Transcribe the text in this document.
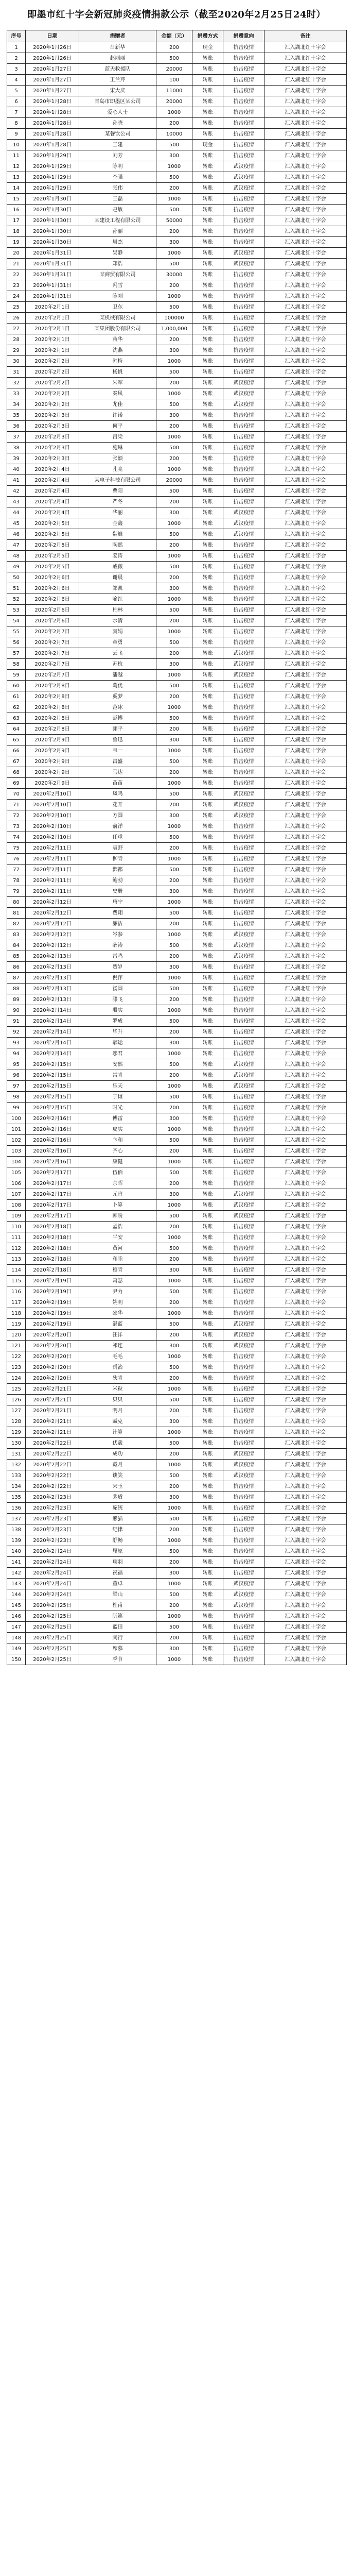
即墨市红十字会新冠肺炎疫情捐款公示（截至2020年2月25日24时）
序号	日期	捐赠者	金额（元）	捐赠方式	捐赠意向	备注
1	2020年1月26日	吕新华	200	现金	抗击疫情	汇入湖北红十字会
2	2020年1月26日	赵丽丽	500	转账	抗击疫情	汇入湖北红十字会
3	2020年1月27日	蓝天救援队	20000	转账	抗击疫情	汇入湖北红十字会
4	2020年1月27日	王兰芹	100	转账	抗击疫情	汇入湖北红十字会
5	2020年1月27日	宋大庆	11000	转账	抗击疫情	汇入湖北红十字会
6	2020年1月28日	青岛市即墨区某公司	20000	转账	抗击疫情	汇入湖北红十字会
7	2020年1月28日	爱心人士	1000	转账	抗击疫情	汇入湖北红十字会
8	2020年1月28日	孙晓	200	转账	抗击疫情	汇入湖北红十字会
9	2020年1月28日	某餐饮公司	10000	转账	抗击疫情	汇入湖北红十字会
10	2020年1月28日	王建	500	现金	抗击疫情	汇入湖北红十字会
11	2020年1月29日	刘芳	300	转账	抗击疫情	汇入湖北红十字会
12	2020年1月29日	陈明	1000	转账	武汉疫情	汇入湖北红十字会
13	2020年1月29日	李强	500	转账	武汉疫情	汇入湖北红十字会
14	2020年1月29日	张伟	200	转账	武汉疫情	汇入湖北红十字会
15	2020年1月30日	王磊	1000	转账	抗击疫情	汇入湖北红十字会
16	2020年1月30日	赵敏	500	转账	抗击疫情	汇入湖北红十字会
17	2020年1月30日	某建设工程有限公司	50000	转账	抗击疫情	汇入湖北红十字会
18	2020年1月30日	孙丽	200	转账	抗击疫情	汇入湖北红十字会
19	2020年1月30日	周杰	300	转账	抗击疫情	汇入湖北红十字会
20	2020年1月31日	吴静	1000	转账	武汉疫情	汇入湖北红十字会
21	2020年1月31日	郑浩	500	转账	武汉疫情	汇入湖北红十字会
22	2020年1月31日	某商贸有限公司	30000	转账	抗击疫情	汇入湖北红十字会
23	2020年1月31日	冯雪	200	转账	抗击疫情	汇入湖北红十字会
24	2020年1月31日	陈刚	1000	转账	抗击疫情	汇入湖北红十字会
25	2020年2月1日	卫东	500	转账	抗击疫情	汇入湖北红十字会
26	2020年2月1日	某机械有限公司	100000	转账	抗击疫情	汇入湖北红十字会
27	2020年2月1日	某集团股份有限公司	1,000,000	转账	抗击疫情	汇入湖北红十字会
28	2020年2月1日	蒋华	200	转账	抗击疫情	汇入湖北红十字会
29	2020年2月1日	沈燕	300	转账	抗击疫情	汇入湖北红十字会
30	2020年2月2日	韩梅	1000	转账	抗击疫情	汇入湖北红十字会
31	2020年2月2日	杨帆	500	转账	抗击疫情	汇入湖北红十字会
32	2020年2月2日	朱军	200	转账	武汉疫情	汇入湖北红十字会
33	2020年2月2日	秦风	1000	转账	武汉疫情	汇入湖北红十字会
34	2020年2月2日	尤佳	500	转账	武汉疫情	汇入湖北红十字会
35	2020年2月3日	许诺	300	转账	抗击疫情	汇入湖北红十字会
36	2020年2月3日	何平	200	转账	抗击疫情	汇入湖北红十字会
37	2020年2月3日	吕梁	1000	转账	抗击疫情	汇入湖北红十字会
38	2020年2月3日	施琳	500	转账	抗击疫情	汇入湖北红十字会
39	2020年2月3日	张颖	200	转账	抗击疫情	汇入湖北红十字会
40	2020年2月4日	孔亮	1000	转账	抗击疫情	汇入湖北红十字会
41	2020年2月4日	某电子科技有限公司	20000	转账	抗击疫情	汇入湖北红十字会
42	2020年2月4日	曹阳	500	转账	抗击疫情	汇入湖北红十字会
43	2020年2月4日	严冬	200	转账	抗击疫情	汇入湖北红十字会
44	2020年2月4日	华丽	300	转账	武汉疫情	汇入湖北红十字会
45	2020年2月5日	金鑫	1000	转账	武汉疫情	汇入湖北红十字会
46	2020年2月5日	魏巍	500	转账	武汉疫情	汇入湖北红十字会
47	2020年2月5日	陶然	200	转账	抗击疫情	汇入湖北红十字会
48	2020年2月5日	姜涛	1000	转账	抗击疫情	汇入湖北红十字会
49	2020年2月5日	戚薇	500	转账	抗击疫情	汇入湖北红十字会
50	2020年2月6日	谢晨	200	转账	抗击疫情	汇入湖北红十字会
51	2020年2月6日	邹凯	300	转账	抗击疫情	汇入湖北红十字会
52	2020年2月6日	喻红	1000	转账	抗击疫情	汇入湖北红十字会
53	2020年2月6日	柏林	500	转账	抗击疫情	汇入湖北红十字会
54	2020年2月6日	水清	200	转账	抗击疫情	汇入湖北红十字会
55	2020年2月7日	窦娟	1000	转账	抗击疫情	汇入湖北红十字会
56	2020年2月7日	章勇	500	转账	抗击疫情	汇入湖北红十字会
57	2020年2月7日	云飞	200	转账	武汉疫情	汇入湖北红十字会
58	2020年2月7日	苏杭	300	转账	武汉疫情	汇入湖北红十字会
59	2020年2月7日	潘越	1000	转账	武汉疫情	汇入湖北红十字会
60	2020年2月8日	葛优	500	转账	抗击疫情	汇入湖北红十字会
61	2020年2月8日	奚梦	200	转账	抗击疫情	汇入湖北红十字会
62	2020年2月8日	范冰	1000	转账	抗击疫情	汇入湖北红十字会
63	2020年2月8日	彭博	500	转账	抗击疫情	汇入湖北红十字会
64	2020年2月8日	郎平	200	转账	抗击疫情	汇入湖北红十字会
65	2020年2月9日	鲁迅	300	转账	抗击疫情	汇入湖北红十字会
66	2020年2月9日	韦一	1000	转账	抗击疫情	汇入湖北红十字会
67	2020年2月9日	昌盛	500	转账	抗击疫情	汇入湖北红十字会
68	2020年2月9日	马达	200	转账	抗击疫情	汇入湖北红十字会
69	2020年2月9日	苗苗	1000	转账	抗击疫情	汇入湖北红十字会
70	2020年2月10日	凤鸣	500	转账	武汉疫情	汇入湖北红十字会
71	2020年2月10日	花开	200	转账	武汉疫情	汇入湖北红十字会
72	2020年2月10日	方圆	300	转账	武汉疫情	汇入湖北红十字会
73	2020年2月10日	俞洋	1000	转账	抗击疫情	汇入湖北红十字会
74	2020年2月10日	任重	500	转账	抗击疫情	汇入湖北红十字会
75	2020年2月11日	袁野	200	转账	抗击疫情	汇入湖北红十字会
76	2020年2月11日	柳青	1000	转账	抗击疫情	汇入湖北红十字会
77	2020年2月11日	酆都	500	转账	抗击疫情	汇入湖北红十字会
78	2020年2月11日	鲍勃	200	转账	抗击疫情	汇入湖北红十字会
79	2020年2月11日	史册	300	转账	抗击疫情	汇入湖北红十字会
80	2020年2月12日	唐宁	1000	转账	抗击疫情	汇入湖北红十字会
81	2020年2月12日	费翔	500	转账	抗击疫情	汇入湖北红十字会
82	2020年2月12日	廉洁	200	转账	抗击疫情	汇入湖北红十字会
83	2020年2月12日	岑参	1000	转账	武汉疫情	汇入湖北红十字会
84	2020年2月12日	薛涛	500	转账	武汉疫情	汇入湖北红十字会
85	2020年2月13日	雷鸣	200	转账	武汉疫情	汇入湖北红十字会
86	2020年2月13日	贺岁	300	转账	抗击疫情	汇入湖北红十字会
87	2020年2月13日	倪萍	1000	转账	抗击疫情	汇入湖北红十字会
88	2020年2月13日	汤圆	500	转账	抗击疫情	汇入湖北红十字会
89	2020年2月13日	滕飞	200	转账	抗击疫情	汇入湖北红十字会
90	2020年2月14日	殷实	1000	转账	抗击疫情	汇入湖北红十字会
91	2020年2月14日	罗成	500	转账	抗击疫情	汇入湖北红十字会
92	2020年2月14日	毕升	200	转账	抗击疫情	汇入湖北红十字会
93	2020年2月14日	郝运	300	转账	抗击疫情	汇入湖北红十字会
94	2020年2月14日	邬君	1000	转账	抗击疫情	汇入湖北红十字会
95	2020年2月15日	安然	500	转账	武汉疫情	汇入湖北红十字会
96	2020年2月15日	常青	200	转账	武汉疫情	汇入湖北红十字会
97	2020年2月15日	乐天	1000	转账	武汉疫情	汇入湖北红十字会
98	2020年2月15日	于谦	500	转账	抗击疫情	汇入湖北红十字会
99	2020年2月15日	时光	200	转账	抗击疫情	汇入湖北红十字会
100	2020年2月16日	傅雷	300	转账	抗击疫情	汇入湖北红十字会
101	2020年2月16日	皮实	1000	转账	抗击疫情	汇入湖北红十字会
102	2020年2月16日	卞和	500	转账	抗击疫情	汇入湖北红十字会
103	2020年2月16日	齐心	200	转账	抗击疫情	汇入湖北红十字会
104	2020年2月16日	康健	1000	转账	抗击疫情	汇入湖北红十字会
105	2020年2月17日	伍佰	500	转账	抗击疫情	汇入湖北红十字会
106	2020年2月17日	余晖	200	转账	抗击疫情	汇入湖北红十字会
107	2020年2月17日	元宵	300	转账	武汉疫情	汇入湖北红十字会
108	2020年2月17日	卜算	1000	转账	武汉疫情	汇入湖北红十字会
109	2020年2月17日	顾盼	500	转账	武汉疫情	汇入湖北红十字会
110	2020年2月18日	孟浩	200	转账	抗击疫情	汇入湖北红十字会
111	2020年2月18日	平安	1000	转账	抗击疫情	汇入湖北红十字会
112	2020年2月18日	黄河	500	转账	抗击疫情	汇入湖北红十字会
113	2020年2月18日	和睦	200	转账	抗击疫情	汇入湖北红十字会
114	2020年2月18日	穆青	300	转账	抗击疫情	汇入湖北红十字会
115	2020年2月19日	萧瑟	1000	转账	抗击疫情	汇入湖北红十字会
116	2020年2月19日	尹力	500	转账	抗击疫情	汇入湖北红十字会
117	2020年2月19日	姚明	200	转账	抗击疫情	汇入湖北红十字会
118	2020年2月19日	邵华	1000	转账	抗击疫情	汇入湖北红十字会
119	2020年2月19日	湛蓝	500	转账	武汉疫情	汇入湖北红十字会
120	2020年2月20日	汪洋	200	转账	武汉疫情	汇入湖北红十字会
121	2020年2月20日	祁连	300	转账	武汉疫情	汇入湖北红十字会
122	2020年2月20日	毛毛	1000	转账	抗击疫情	汇入湖北红十字会
123	2020年2月20日	禹治	500	转账	抗击疫情	汇入湖北红十字会
124	2020年2月20日	狄青	200	转账	抗击疫情	汇入湖北红十字会
125	2020年2月21日	米粒	1000	转账	抗击疫情	汇入湖北红十字会
126	2020年2月21日	贝贝	500	转账	抗击疫情	汇入湖北红十字会
127	2020年2月21日	明月	200	转账	抗击疫情	汇入湖北红十字会
128	2020年2月21日	臧克	300	转账	抗击疫情	汇入湖北红十字会
129	2020年2月21日	计算	1000	转账	抗击疫情	汇入湖北红十字会
130	2020年2月22日	伏羲	500	转账	抗击疫情	汇入湖北红十字会
131	2020年2月22日	成功	200	转账	武汉疫情	汇入湖北红十字会
132	2020年2月22日	戴月	1000	转账	武汉疫情	汇入湖北红十字会
133	2020年2月22日	谈笑	500	转账	武汉疫情	汇入湖北红十字会
134	2020年2月22日	宋玉	200	转账	抗击疫情	汇入湖北红十字会
135	2020年2月23日	茅盾	300	转账	抗击疫情	汇入湖北红十字会
136	2020年2月23日	庞统	1000	转账	抗击疫情	汇入湖北红十字会
137	2020年2月23日	熊猫	500	转账	抗击疫情	汇入湖北红十字会
138	2020年2月23日	纪律	200	转账	抗击疫情	汇入湖北红十字会
139	2020年2月23日	舒畅	1000	转账	抗击疫情	汇入湖北红十字会
140	2020年2月24日	屈原	500	转账	抗击疫情	汇入湖北红十字会
141	2020年2月24日	项羽	200	转账	抗击疫情	汇入湖北红十字会
142	2020年2月24日	祝福	300	转账	抗击疫情	汇入湖北红十字会
143	2020年2月24日	董卓	1000	转账	武汉疫情	汇入湖北红十字会
144	2020年2月24日	梁山	500	转账	武汉疫情	汇入湖北红十字会
145	2020年2月25日	杜甫	200	转账	武汉疫情	汇入湖北红十字会
146	2020年2月25日	阮籍	1000	转账	抗击疫情	汇入湖北红十字会
147	2020年2月25日	蓝田	500	转账	抗击疫情	汇入湖北红十字会
148	2020年2月25日	闵行	200	转账	抗击疫情	汇入湖北红十字会
149	2020年2月25日	席慕	300	转账	抗击疫情	汇入湖北红十字会
150	2020年2月25日	季节	1000	转账	抗击疫情	汇入湖北红十字会
